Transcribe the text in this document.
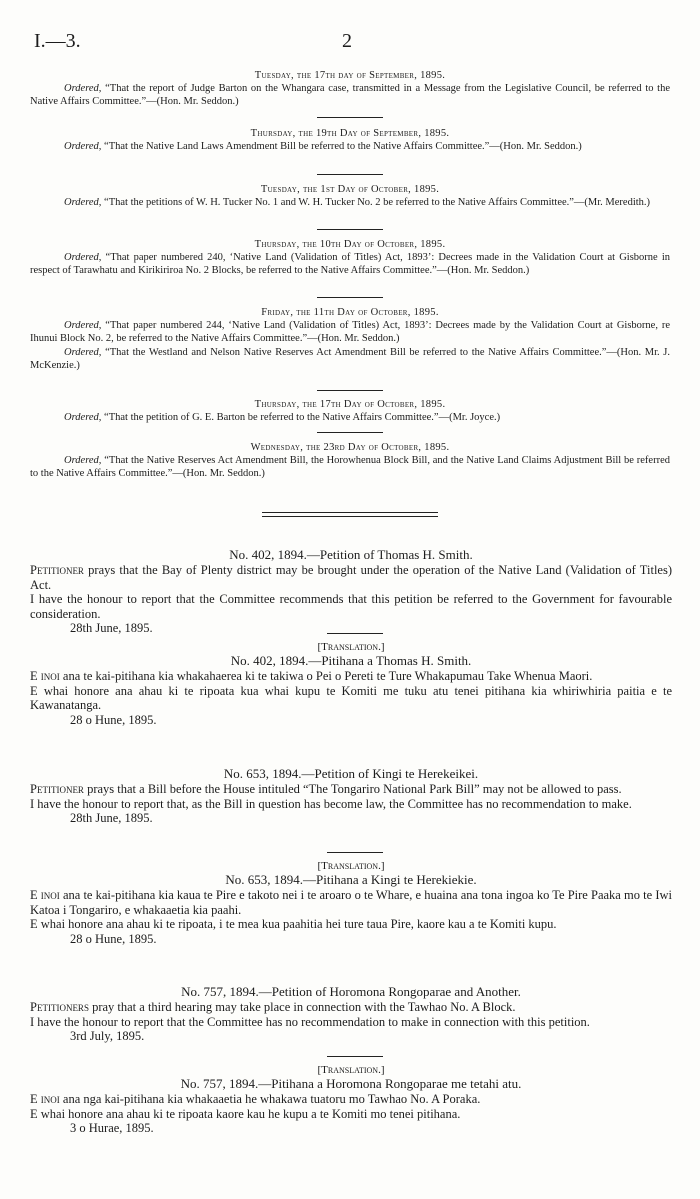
I.—3.	2
Tuesday, the 17th day of September, 1895.
Ordered, “That the report of Judge Barton on the Whangara case, transmitted in a Message from the Legislative Council, be referred to the Native Affairs Committee.”—(Hon. Mr. Seddon.)
Thursday, the 19th Day of September, 1895.
Ordered, “That the Native Land Laws Amendment Bill be referred to the Native Affairs Committee.”—(Hon. Mr. Seddon.)
Tuesday, the 1st Day of October, 1895.
Ordered, “That the petitions of W. H. Tucker No. 1 and W. H. Tucker No. 2 be referred to the Native Affairs Committee.”—(Mr. Meredith.)
Thursday, the 10th Day of October, 1895.
Ordered, “That paper numbered 240, ‘Native Land (Validation of Titles) Act, 1893’: Decrees made in the Validation Court at Gisborne in respect of Tarawhatu and Kirikiriroa No. 2 Blocks, be referred to the Native Affairs Committee.”—(Hon. Mr. Seddon.)
Friday, the 11th Day of October, 1895.
Ordered, “That paper numbered 244, ‘Native Land (Validation of Titles) Act, 1893’: Decrees made by the Validation Court at Gisborne, re Ihunui Block No. 2, be referred to the Native Affairs Committee.”—(Hon. Mr. Seddon.)
Ordered, “That the Westland and Nelson Native Reserves Act Amendment Bill be referred to the Native Affairs Committee.”—(Hon. Mr. J. McKenzie.)
Thursday, the 17th Day of October, 1895.
Ordered, “That the petition of G. E. Barton be referred to the Native Affairs Committee.”—(Mr. Joyce.)
Wednesday, the 23rd Day of October, 1895.
Ordered, “That the Native Reserves Act Amendment Bill, the Horowhenua Block Bill, and the Native Land Claims Adjustment Bill be referred to the Native Affairs Committee.”—(Hon. Mr. Seddon.)
No. 402, 1894.—Petition of Thomas H. Smith.
Petitioner prays that the Bay of Plenty district may be brought under the operation of the Native Land (Validation of Titles) Act.
I have the honour to report that the Committee recommends that this petition be referred to the Government for favourable consideration.
28th June, 1895.
[Translation.]
No. 402, 1894.—Pitihana a Thomas H. Smith.
E inoi ana te kai-pitihana kia whakahaerea ki te takiwa o Pei o Pereti te Ture Whakapumau Take Whenua Maori.
E whai honore ana ahau ki te ripoata kua whai kupu te Komiti me tuku atu tenei pitihana kia whiriwhiria paitia e te Kawanatanga.
28 o Hune, 1895.
No. 653, 1894.—Petition of Kingi te Herekeikei.
Petitioner prays that a Bill before the House intituled “The Tongariro National Park Bill” may not be allowed to pass.
I have the honour to report that, as the Bill in question has become law, the Committee has no recommendation to make.
28th June, 1895.
[Translation.]
No. 653, 1894.—Pitihana a Kingi te Herekiekie.
E inoi ana te kai-pitihana kia kaua te Pire e takoto nei i te aroaro o te Whare, e huaina ana tona ingoa ko Te Pire Paaka mo te Iwi Katoa i Tongariro, e whakaaetia kia paahi.
E whai honore ana ahau ki te ripoata, i te mea kua paahitia hei ture taua Pire, kaore kau a te Komiti kupu.
28 o Hune, 1895.
No. 757, 1894.—Petition of Horomona Rongoparae and Another.
Petitioners pray that a third hearing may take place in connection with the Tawhao No. A Block.
I have the honour to report that the Committee has no recommendation to make in connection with this petition.
3rd July, 1895.
[Translation.]
No. 757, 1894.—Pitihana a Horomona Rongoparae me tetahi atu.
E inoi ana nga kai-pitihana kia whakaaetia he whakawa tuatoru mo Tawhao No. A Poraka.
E whai honore ana ahau ki te ripoata kaore kau he kupu a te Komiti mo tenei pitihana.
3 o Hurae, 1895.
